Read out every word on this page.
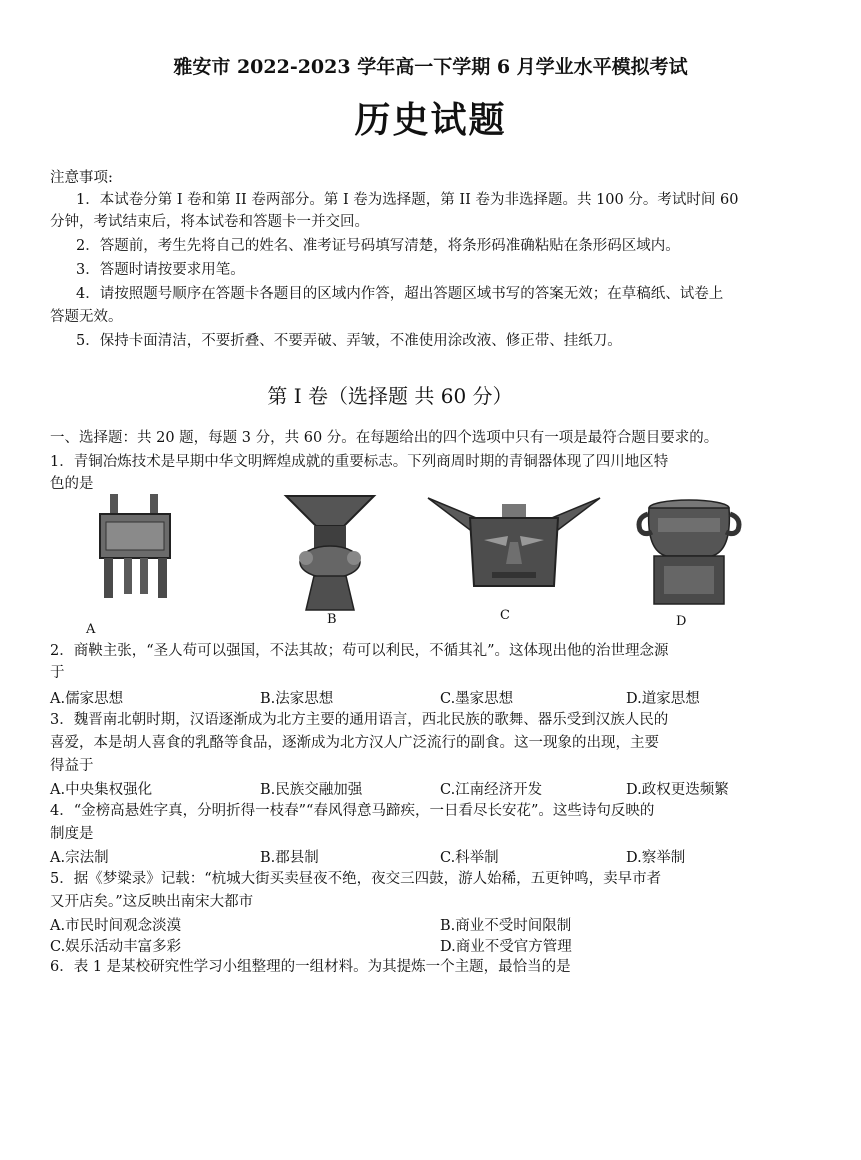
雅安市 2022-2023 学年高一下学期 6 月学业水平模拟考试
历史试题
注意事项:
1．本试卷分第 I 卷和第 II 卷两部分。第 I 卷为选择题，第 II 卷为非选择题。共 100 分。考试时间 60
分钟，考试结束后，将本试卷和答题卡一并交回。
2．答题前，考生先将自己的姓名、准考证号码填写清楚，将条形码准确粘贴在条形码区域内。
3．答题时请按要求用笔。
4．请按照题号顺序在答题卡各题目的区域内作答，超出答题区域书写的答案无效；在草稿纸、试卷上
答题无效。
5．保持卡面清洁，不要折叠、不要弄破、弄皱，不准使用涂改液、修正带、挂纸刀。
第 I 卷（选择题 共 60 分）
一、选择题：共 20 题，每题 3 分，共 60 分。在每题给出的四个选项中只有一项是最符合题目要求的。
1．青铜冶炼技术是早期中华文明辉煌成就的重要标志。下列商周时期的青铜器体现了四川地区特
色的是
A
B	C	D
2．商鞅主张，“圣人苟可以强国，不法其故；苟可以利民，不循其礼”。这体现出他的治世理念源
于
A.儒家思想	B.法家思想	C.墨家思想	D.道家思想
3．魏晋南北朝时期，汉语逐渐成为北方主要的通用语言，西北民族的歌舞、器乐受到汉族人民的
喜爱，本是胡人喜食的乳酪等食品，逐渐成为北方汉人广泛流行的副食。这一现象的出现，主要
得益于
A.中央集权强化	B.民族交融加强	C.江南经济开发	D.政权更迭频繁
4．“金榜高悬姓字真，分明折得一枝春”“春风得意马蹄疾，一日看尽长安花”。这些诗句反映的
制度是
A.宗法制	B.郡县制	C.科举制	D.察举制
5．据《梦粱录》记载：“杭城大街买卖昼夜不绝，夜交三四鼓，游人始稀，五更钟鸣，卖早市者
又开店矣。”这反映出南宋大都市
A.市民时间观念淡漠	B.商业不受时间限制
C.娱乐活动丰富多彩	D.商业不受官方管理
6．表 1 是某校研究性学习小组整理的一组材料。为其提炼一个主题，最恰当的是
